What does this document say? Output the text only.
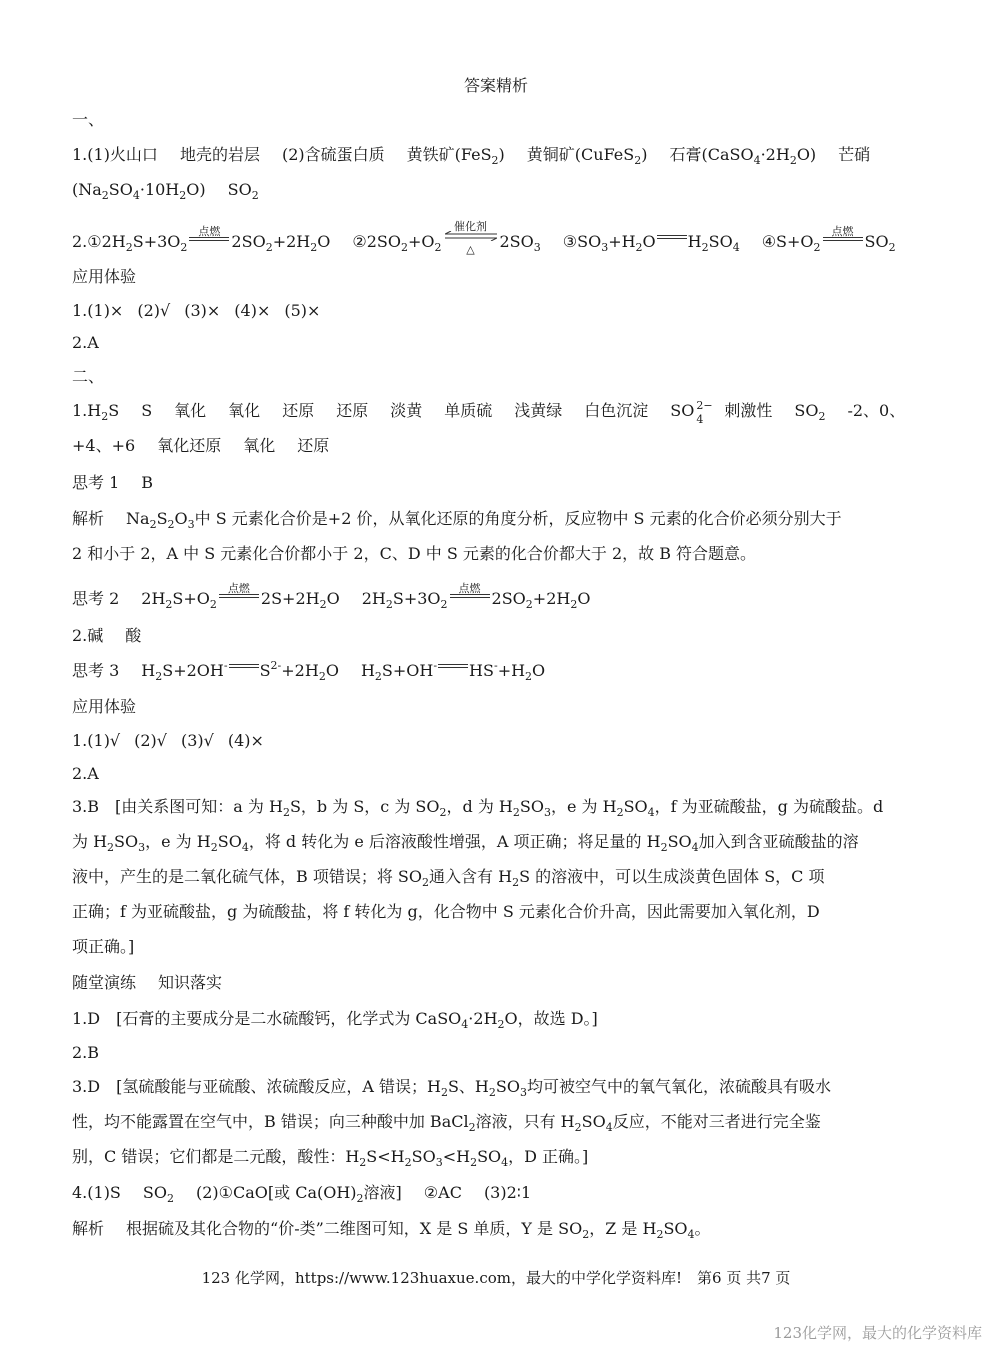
答案精析
一、
1.(1)火山口 地壳的岩层 (2)含硫蛋白质 黄铁矿(FeS$_2$) 黄铜矿(CuFeS$_2$) 石膏$(CaSO_4\cdot 2H_2O)$ 芒硝
$(Na_2SO_4\cdot 10H_2O)$ $SO_2$
$2.①2H_2S+3O_2$
点燃
$2SO_2+2H_2O$ $②2SO_2+O_2$
催化剂
△	$2SO_3$ $③SO_3+H_2O$ $H_2SO_4$ $④S+O_2$
点燃
$SO_2$
应用体验
1.(1)× (2)√ (3)× (4)× (5)×
2.A
二、
$1.H_2S$ S 氧化 氧化 还原 还原 淡黄 单质硫 浅黄绿 白色沉淀 SO 2−
4 刺激性 $SO_2$ -2、0、
+4、+6 氧化还原 氧化 还原
思考 1 B
解析 $Na_2S_2O_3$中 S 元素化合价是+2 价，从氧化还原的角度分析，反应物中 S 元素的化合价必须分别大于
2 和小于 2，A 中 S 元素化合价都小于 2，C、D 中 S 元素的化合价都大于 2，故 B 符合题意。
思考 2 $2H_2S+O_2$
点燃
$2S+2H_2O$ $2H_2S+3O_2$
点燃
$2SO_2+2H_2O$
2.碱 酸
思考 3 $H_2S+2OH^-$ $S^{2-}+2H_2O$ $H_2S+OH^-$ $HS^-+H_2O$
应用体验
1.(1)√ (2)√ (3)√ (4)×
2.A
3.B　[由关系图可知：a 为 $H_2S$，b 为 S，c 为 $SO_2$，d 为 $H_2SO_3$，e 为 $H_2SO_4$，f 为亚硫酸盐，g 为硫酸盐。d
为 $H_2SO_3$，e 为 $H_2SO_4$，将 d 转化为 e 后溶液酸性增强，A 项正确；将足量的 $H_2SO_4$加入到含亚硫酸盐的溶
液中，产生的是二氧化硫气体，B 项错误；将 $SO_2$通入含有 $H_2S$ 的溶液中，可以生成淡黄色固体 S，C 项
正确；f 为亚硫酸盐，g 为硫酸盐，将 f 转化为 g，化合物中 S 元素化合价升高，因此需要加入氧化剂，D
项正确。]
随堂演练 知识落实
1.D　[石膏的主要成分是二水硫酸钙，化学式为 $CaSO_4\cdot 2H_2O$，故选 D。]
2.B
3.D　[氢硫酸能与亚硫酸、浓硫酸反应，A 错误；$H_2S$、$H_2SO_3$均可被空气中的氧气氧化，浓硫酸具有吸水
性，均不能露置在空气中，B 错误；向三种酸中加 BaCl$_2$溶液，只有 $H_2SO_4$反应，不能对三者进行完全鉴
别，C 错误；它们都是二元酸，酸性：$H_2S<H_2SO_3<H_2SO_4$，D 正确。]
4.(1)S $SO_2$ (2)①CaO[或 $Ca(OH)_2$溶液] ②AC (3)2∶1
解析 根据硫及其化合物的“价-类”二维图可知，X 是 S 单质，Y 是 $SO_2$，Z 是 $H_2SO_4$。
123 化学网，https://www.123huaxue.com，最大的中学化学资料库!　第6 页 共7 页
123化学网，最大的化学资料库
